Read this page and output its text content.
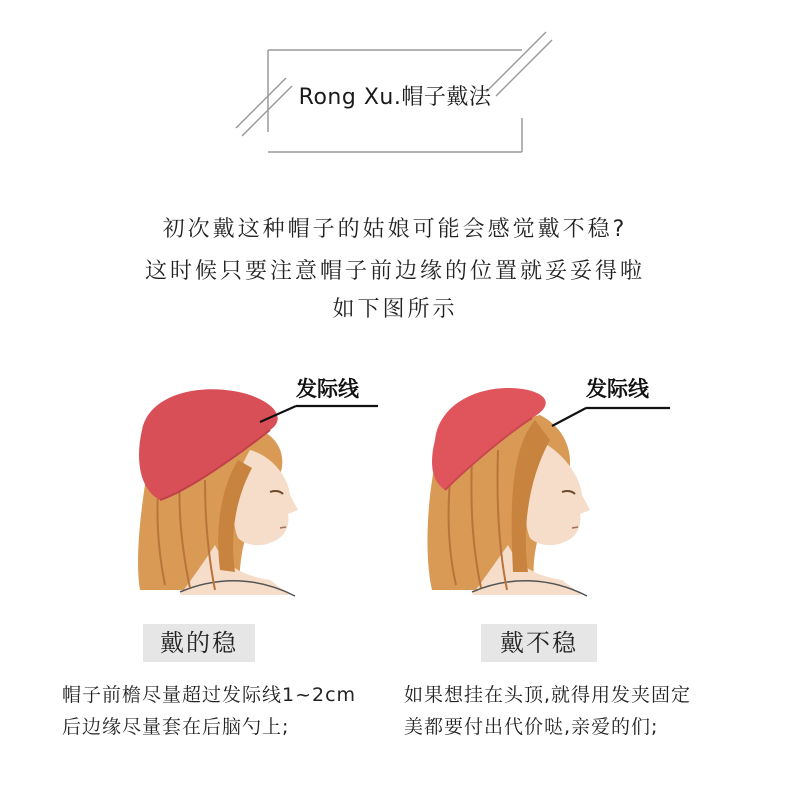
Rong Xu.帽子戴法
初次戴这种帽子的姑娘可能会感觉戴不稳?
这时候只要注意帽子前边缘的位置就妥妥得啦
如下图所示
发际线	发际线
戴的稳	戴不稳
帽子前檐尽量超过发际线1~2cm
后边缘尽量套在后脑勺上;
如果想挂在头顶,就得用发夹固定
美都要付出代价哒,亲爱的们;
